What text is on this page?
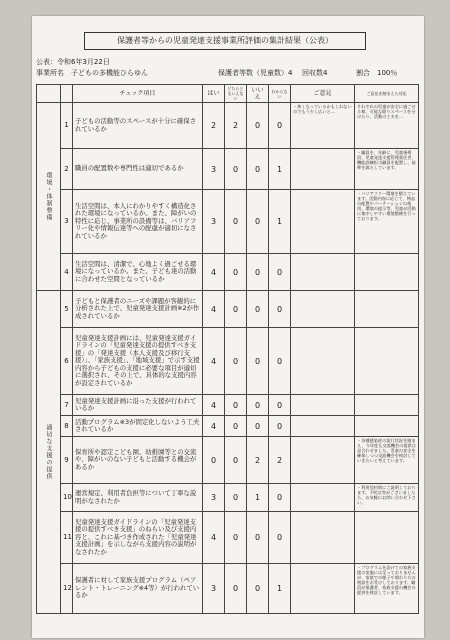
保護者等からの児童発達支援事業所評価の集計結果（公表）
公表：令和6年3月22日
事業所名　子どもの多機能ひらゆん	保護者等数（児童数）4 回収数4	割合　100％
		チェック項目	はい	どちらともいえない	いいえ	わからない	ご意見	ご意見を踏まえた対応
環境・体制整備	1	子どもの活動等のスペースが十分に確保されているか	2	2	0	0	・狭くなっているかもしれないのでもう少し広いと…	それぞれの児童が安全に過ごせる様、可能な限りスペースを分けたり、活動の工夫を…
	2	職員の配置数や専門性は適切であるか	3	0	0	1		・職員を、年齢に、児童指導員、児童発達支援管理責任者、機能訓練担当職員を配置し、基準を満たしています。
	3	生活空間は、本人にわかりやすく構造化された環境になっているか。また、障がいの特性に応じ、事業所の設備等は、バリアフリー化や情報伝達等への配慮が適切になされているか	3	0	0	1		・バリアフリー環境を整えています。活動内容に応じて、物品の配置やパーテーションの使用、環境の提示等、児童が活動に集中しやすい環境整備を行っております。
	4	生活空間は、清潔で、心地よく過ごせる環境になっているか。また、子ども達の活動に合わせた空間となっているか	4	0	0	0		
適切な支援の提供	5	子どもと保護者のニーズや課題が客観的に分析された上で、児童発達支援計画※2が作成されているか	4	0	0	0		
	6	児童発達支援計画には、児童発達支援ガイドラインの「児童発達支援の提供すべき支援」の「発達支援（本人支援及び移行支援）」、「家族支援」、「地域支援」で示す支援内容から子どもの支援に必要な項目が適切に選択され、その上で、具体的な支援内容が設定されているか	4	0	0	0		
	7	児童発達支援計画に沿った支援が行われているか	4	0	0	0		
	8	活動プログラム※3が固定化しないよう工夫されているか	4	0	0	0		
	9	保育所や認定こども園、幼稚園等との交流や、障がいのない子どもと活動する機会があるか	0	0	2	2		・各種感染症の流行状況を踏まえ、今年度も交流機会の提供は見合わせました。児童の安全を確保しつつ交流機会を検討していきたいと考えています。
	10	運営規定、利用者負担等について丁寧な説明がなされたか	3	0	1	0		・利用契約時にご説明しております。不明点等がございましたら、お気軽にお問い合わせ下さい。
	11	児童発達支援ガイドラインの「児童発達支援の提供すべき支援」のねらい及び支援内容と、これに基づき作成された「児童発達支援計画」を示しながら支援内容の説明がなされたか	4	0	0	0		
	12	保護者に対して家族支援プログラム（ペアレント・トレーニング※4等）が行われているか	3	0	0	1		・プログラムを設けての家族支援の実施には至っておりませんが、家庭での様子や関わり方の相談をお受けしております。職員が保護者、家族支援の機会の提供を検討しています。
